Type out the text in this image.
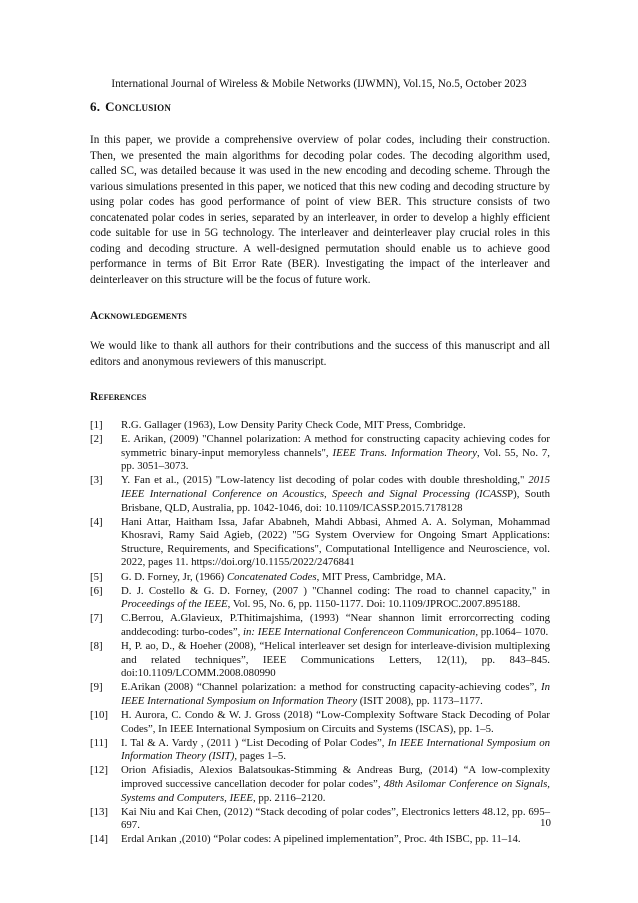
International Journal of Wireless & Mobile Networks (IJWMN), Vol.15, No.5, October 2023
6. Conclusion

In this paper, we provide a comprehensive overview of polar codes, including their construction. Then, we presented the main algorithms for decoding polar codes. The decoding algorithm used, called SC, was detailed because it was used in the new encoding and decoding scheme. Through the various simulations presented in this paper, we noticed that this new coding and decoding structure by using polar codes has good performance of point of view BER. This structure consists of two concatenated polar codes in series, separated by an interleaver, in order to develop a highly efficient code suitable for use in 5G technology. The interleaver and deinterleaver play crucial roles in this coding and decoding structure. A well-designed permutation should enable us to achieve good performance in terms of Bit Error Rate (BER). Investigating the impact of the interleaver and deinterleaver on this structure will be the focus of future work.

Acknowledgements

We would like to thank all authors for their contributions and the success of this manuscript and all editors and anonymous reviewers of this manuscript.

References
[1] R.G. Gallager (1963), Low Density Parity Check Code, MIT Press, Combridge.
[2] E. Arikan, (2009) "Channel polarization: A method for constructing capacity achieving codes for symmetric binary-input memoryless channels", IEEE Trans. Information Theory, Vol. 55, No. 7, pp. 3051–3073.
[3] Y. Fan et al., (2015) "Low-latency list decoding of polar codes with double thresholding," 2015 IEEE International Conference on Acoustics, Speech and Signal Processing (ICASSP), South Brisbane, QLD, Australia, pp. 1042-1046, doi: 10.1109/ICASSP.2015.7178128
[4] Hani Attar, Haitham Issa, Jafar Ababneh, Mahdi Abbasi, Ahmed A. A. Solyman, Mohammad Khosravi, Ramy Said Agieb, (2022) "5G System Overview for Ongoing Smart Applications: Structure, Requirements, and Specifications", Computational Intelligence and Neuroscience, vol. 2022, pages 11. https://doi.org/10.1155/2022/2476841
[5] G. D. Forney, Jr, (1966) Concatenated Codes, MIT Press, Cambridge, MA.
[6] D. J. Costello & G. D. Forney, (2007 ) "Channel coding: The road to channel capacity," in Proceedings of the IEEE, Vol. 95, No. 6, pp. 1150-1177. Doi: 10.1109/JPROC.2007.895188.
[7] C.Berrou, A.Glavieux, P.Thitimajshima, (1993) “Near shannon limit errorcorrecting coding anddecoding: turbo-codes”, in: IEEE International Conferenceon Communication, pp.1064– 1070.
[8] H, P. ao, D., & Hoeher (2008), “Helical interleaver set design for interleave-division multiplexing and related techniques”, IEEE Communications Letters, 12(11), pp. 843–845. doi:10.1109/LCOMM.2008.080990
[9] E.Arikan (2008) “Channel polarization: a method for constructing capacity-achieving codes”, In IEEE International Symposium on Information Theory (ISIT 2008), pp. 1173–1177.
[10] H. Aurora, C. Condo & W. J. Gross (2018) “Low-Complexity Software Stack Decoding of Polar Codes”, In IEEE International Symposium on Circuits and Systems (ISCAS), pp. 1–5.
[11] I. Tal & A. Vardy , (2011 ) “List Decoding of Polar Codes”, In IEEE International Symposium on Information Theory (ISIT), pages 1–5.
[12] Orion Afisiadis, Alexios Balatsoukas-Stimming & Andreas Burg, (2014) “A low-complexity improved successive cancellation decoder for polar codes”, 48th Asilomar Conference on Signals, Systems and Computers, IEEE, pp. 2116–2120.
[13] Kai Niu and Kai Chen, (2012) “Stack decoding of polar codes”, Electronics letters 48.12, pp. 695–697.
[14] Erdal Arıkan ,(2010) “Polar codes: A pipelined implementation”, Proc. 4th ISBC, pp. 11–14.
10
